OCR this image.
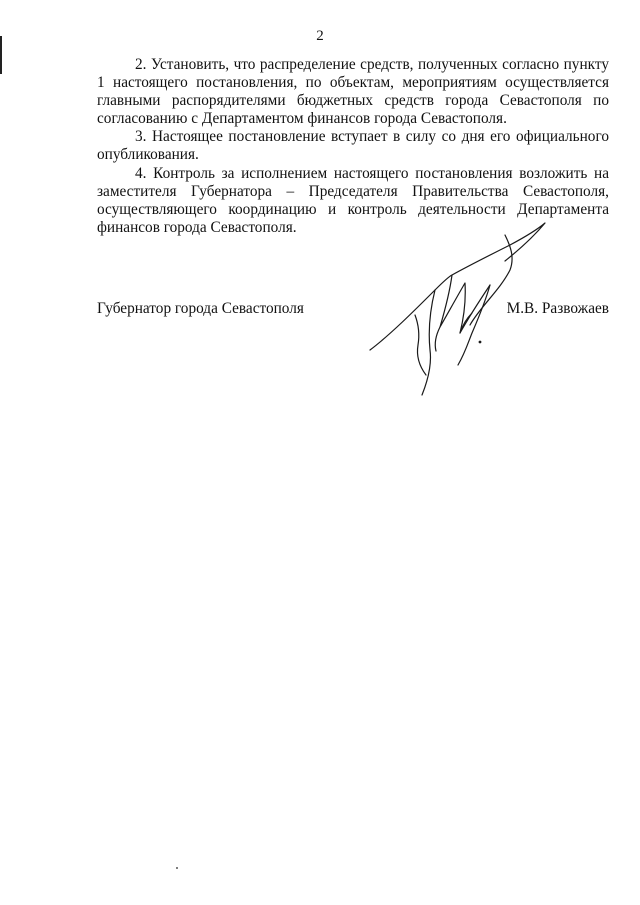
2

2. Установить, что распределение средств, полученных согласно пункту 1 настоящего постановления, по объектам, мероприятиям осуществляется главными распорядителями бюджетных средств города Севастополя по согласованию с Департаментом финансов города Севастополя.

3. Настоящее постановление вступает в силу со дня его официального опубликования.

4. Контроль за исполнением настоящего постановления возложить на заместителя Губернатора – Председателя Правительства Севастополя, осуществляющего координацию и контроль деятельности Департамента финансов города Севастополя.

Губернатор города Севастополя	М.В. Развожаев
